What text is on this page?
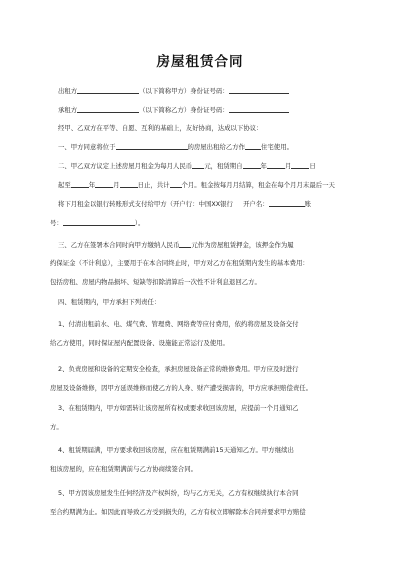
房屋租赁合同
出租方	（以下简称甲方）身份证号码：
承租方	（以下简称乙方）身份证号码：
经甲、乙双方在平等、自愿、互利的基础上，友好协商，达成以下协议：
一、甲方同意将位于	的房屋出租给乙方作	住宅使用。
二、甲乙双方议定上述房屋月租金为每月人民币 元，租赁期自	年	月	日
起至	年	月	日止，共计 个月。租金按每月月结算，租金在每个月月末最后一天
将下月租金以银行转账形式支付给甲方（开户行：中国XX银行 开户名：	账
号：	）。
三、乙方在签署本合同时向甲方缴纳人民币 元作为房屋租赁押金，该押金作为履
约保证金（不计利息），主要用于在本合同终止时，甲方对乙方在租赁期内发生的基本费用：
包括房租、房屋内物品损坏、短缺等扣除清算后一次性不计利息退回乙方。
四、租赁期内，甲方承担下列责任：
1、付清出租前水、电、煤气费、管理费、网络费等应付费用，依约将房屋及设备交付
给乙方使用，同时保证屋内配置设备、设施能正常运行及使用。
2、负责房屋和设备的定期安全检查，承担房屋设备正常的维修费用。甲方应及时进行
房屋及设备维修，因甲方延误维修而使乙方的人身、财产遭受损害的，甲方应承担赔偿责任。
3、在租赁期内，甲方如需转让该房屋所有权或要求收回该房屋，应提前一个月通知乙
方。
4、租赁期届满，甲方要求收回该房屋，应在租赁期满前15天通知乙方。甲方继续出
租该房屋的，应在租赁期满前与乙方协商续签合同。
5、甲方因该房屋发生任何经济及产权纠纷，均与乙方无关，乙方有权继续执行本合同
至合约期满为止。如因此而导致乙方受到损失的，乙方有权立即解除本合同并要求甲方赔偿
